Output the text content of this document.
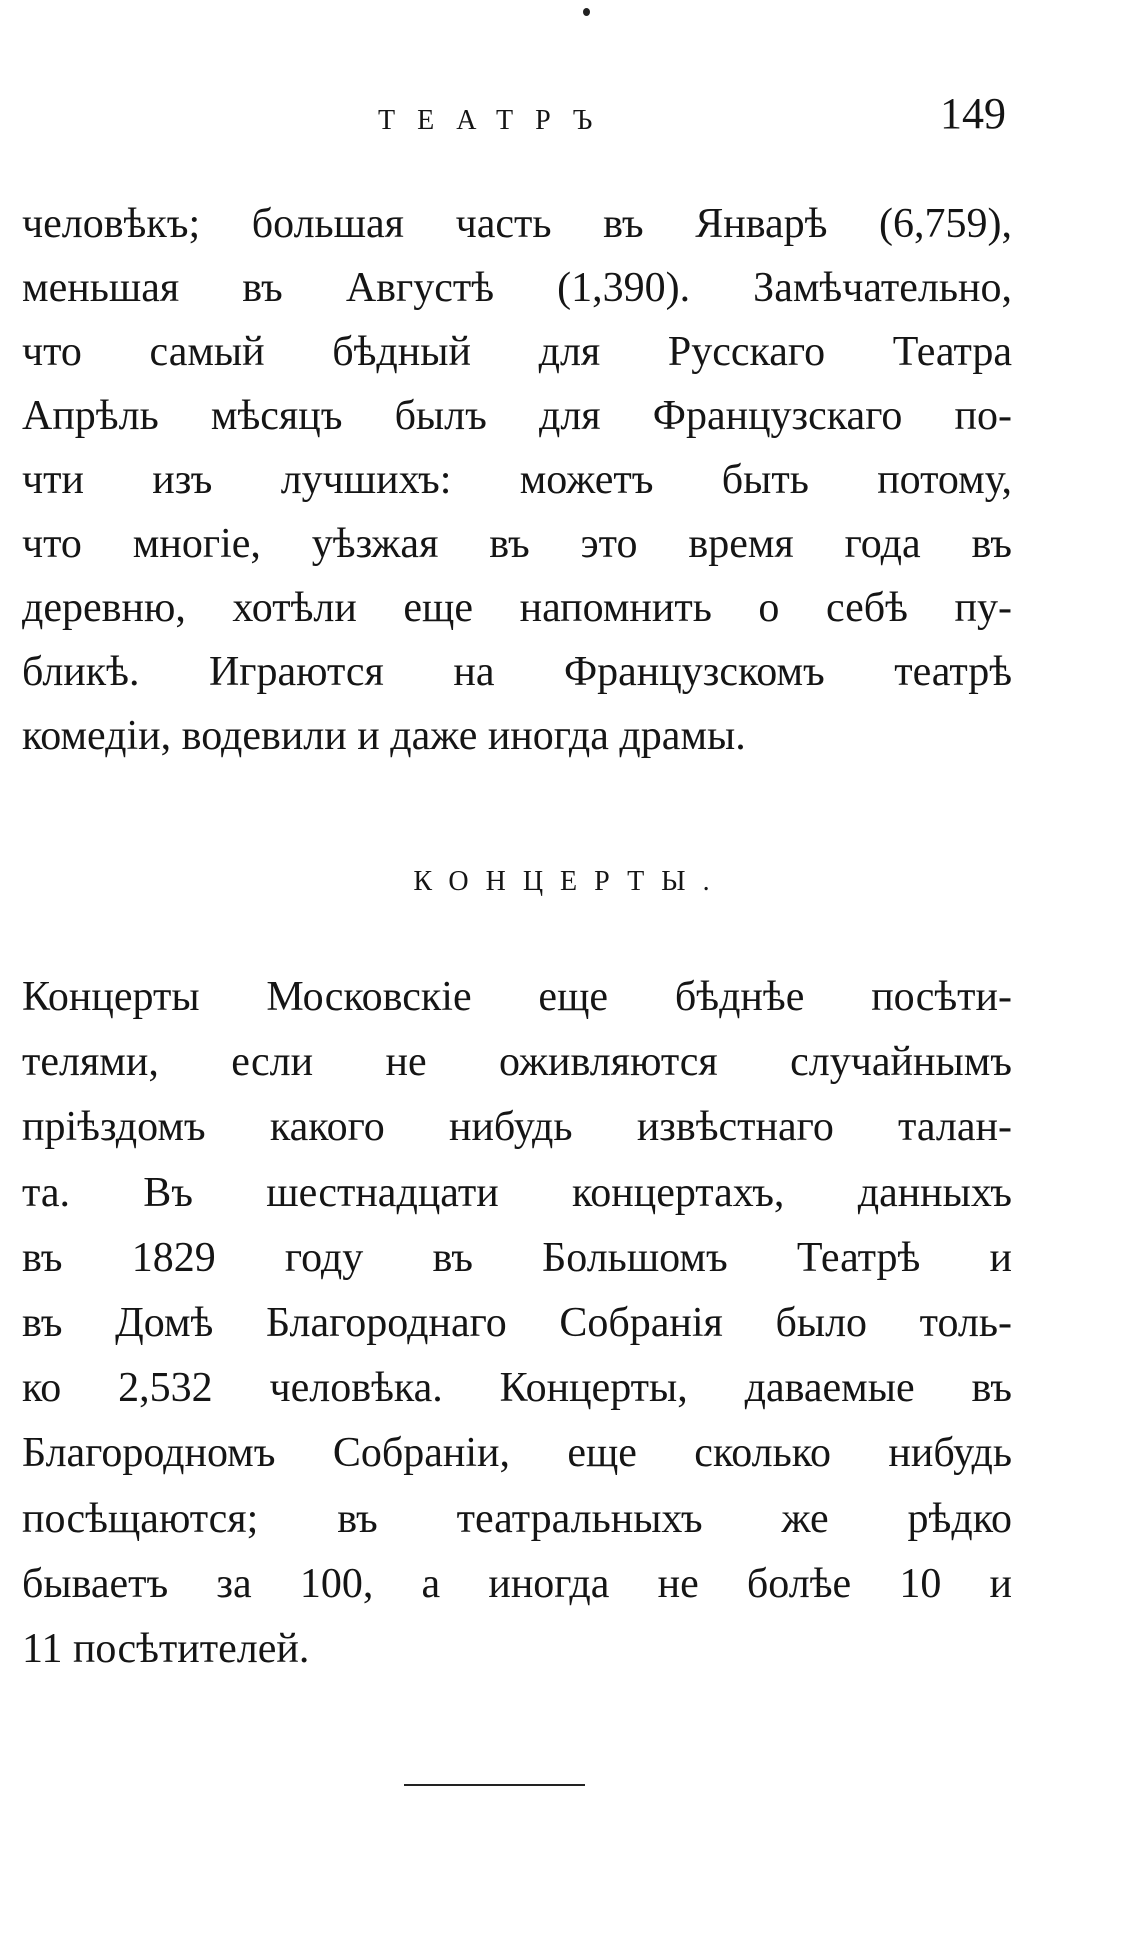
ТЕАТРЪ	149
человѣкъ; большая часть въ Январѣ (6,759),
меньшая въ Августѣ (1,390). Замѣчательно,
что самый бѣдный для Русскаго Театра
Апрѣль мѣсяцъ былъ для Французскаго по-
чти изъ лучшихъ: можетъ быть потому,
что многіе, уѣзжая въ это время года въ
деревню, хотѣли еще напомнить о себѣ пу-
бликѣ. Играются на Французскомъ театрѣ
комедіи, водевили и даже иногда драмы.
КОНЦЕРТЫ.
Концерты Московскіе еще бѣднѣе посѣти-
телями, если не оживляются случайнымъ
пріѣздомъ какого нибудь извѣстнаго талан-
та. Въ шестнадцати концертахъ, данныхъ
въ 1829 году въ Большомъ Театрѣ и
въ Домѣ Благороднаго Собранія было толь-
ко 2,532 человѣка. Концерты, даваемые въ
Благородномъ Собраніи, еще сколько нибудь
посѣщаются; въ театральныхъ же рѣдко
бываетъ за 100, а иногда не болѣе 10 и
11 посѣтителей.
